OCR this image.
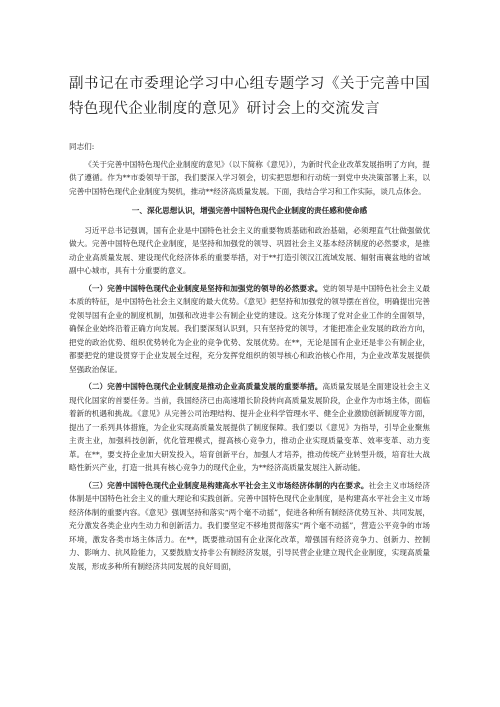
副书记在市委理论学习中心组专题学习《关于完善中国特色现代企业制度的意见》研讨会上的交流发言

同志们:

《关于完善中国特色现代企业制度的意见》（以下简称《意见》），为新时代企业改革发展指明了方向，提供了遵循。作为**市委领导干部，我们要深入学习领会，切实把思想和行动统一到党中央决策部署上来，以完善中国特色现代企业制度为契机，推动**经济高质量发展。下面，我结合学习和工作实际，谈几点体会。

一、深化思想认识，增强完善中国特色现代企业制度的责任感和使命感

习近平总书记强调，国有企业是中国特色社会主义的重要物质基础和政治基础，必须理直气壮做强做优做大。完善中国特色现代企业制度，是坚持和加强党的领导、巩固社会主义基本经济制度的必然要求，是推动企业高质量发展、建设现代化经济体系的重要举措，对于**打造引领汉江流域发展、辐射南襄盆地的省域副中心城市，具有十分重要的意义。

（一）完善中国特色现代企业制度是坚持和加强党的领导的必然要求。党的领导是中国特色社会主义最本质的特征，是中国特色社会主义制度的最大优势。《意见》把坚持和加强党的领导摆在首位，明确提出完善党领导国有企业的制度机制，加强和改进非公有制企业党的建设。这充分体现了党对企业工作的全面领导，确保企业始终沿着正确方向发展。我们要深刻认识到，只有坚持党的领导，才能把准企业发展的政治方向，把党的政治优势、组织优势转化为企业的竞争优势、发展优势。在**，无论是国有企业还是非公有制企业，都要把党的建设贯穿于企业发展全过程，充分发挥党组织的领导核心和政治核心作用，为企业改革发展提供坚强政治保证。

（二）完善中国特色现代企业制度是推动企业高质量发展的重要举措。高质量发展是全面建设社会主义现代化国家的首要任务。当前，我国经济已由高速增长阶段转向高质量发展阶段，企业作为市场主体，面临着新的机遇和挑战。《意见》从完善公司治理结构、提升企业科学管理水平、健全企业激励创新制度等方面，提出了一系列具体措施，为企业实现高质量发展提供了制度保障。我们要以《意见》为指导，引导企业聚焦主责主业，加强科技创新，优化管理模式，提高核心竞争力，推动企业实现质量变革、效率变革、动力变革。在**，要支持企业加大研发投入，培育创新平台，加强人才培养，推动传统产业转型升级，培育壮大战略性新兴产业，打造一批具有核心竞争力的现代企业，为**经济高质量发展注入新动能。

（三）完善中国特色现代企业制度是构建高水平社会主义市场经济体制的内在要求。社会主义市场经济体制是中国特色社会主义的重大理论和实践创新。完善中国特色现代企业制度，是构建高水平社会主义市场经济体制的重要内容。《意见》强调坚持和落实“两个毫不动摇”，促进各种所有制经济优势互补、共同发展，充分激发各类企业内生动力和创新活力。我们要坚定不移地贯彻落实“两个毫不动摇”，营造公平竞争的市场环境，激发各类市场主体活力。在**，既要推动国有企业深化改革，增强国有经济竞争力、创新力、控制力、影响力、抗风险能力，又要鼓励支持非公有制经济发展，引导民营企业建立现代企业制度，实现高质量发展，形成多种所有制经济共同发展的良好局面，
